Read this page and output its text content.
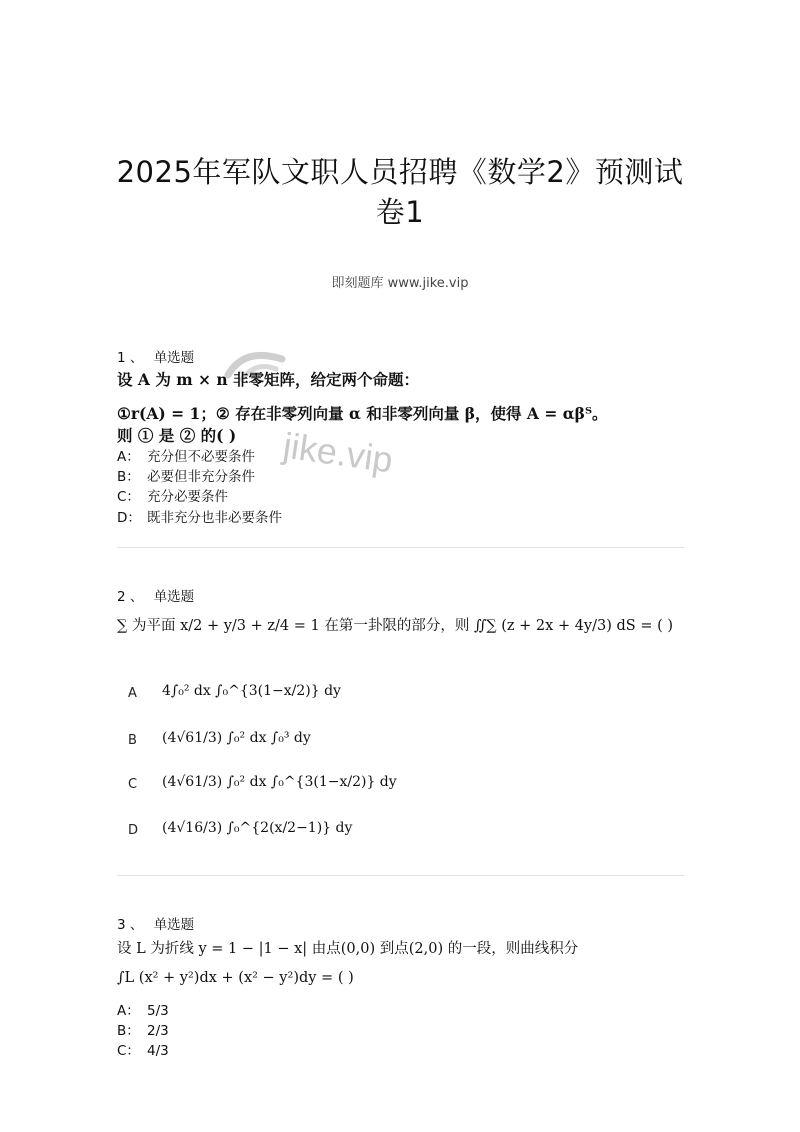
2025年军队文职人员招聘《数学2》预测试
卷1
即刻题库 www.jike.vip
jike.vip
1 、 单选题
设 A 为 m × n 非零矩阵，给定两个命题：
①r(A) = 1；② 存在非零列向量 α 和非零列向量 β，使得 A = αβᵀ。
则 ① 是 ② 的( )
A： 充分但不必要条件
B： 必要但非充分条件
C： 充分必要条件
D： 既非充分也非必要条件
2 、 单选题
∑ 为平面 x/2 + y/3 + z/4 = 1 在第一卦限的部分，则 ∬∑ (z + 2x + 4y/3) dS = ( )
A 4∫₀² dx ∫₀^{3(1−x/2)} dy
B (4√61/3) ∫₀² dx ∫₀³ dy
C (4√61/3) ∫₀² dx ∫₀^{3(1−x/2)} dy
D (4√16/3) ∫₀^{2(x/2−1)} dy
3 、 单选题
设 L 为折线 y = 1 − |1 − x| 由点(0,0) 到点(2,0) 的一段，则曲线积分
∫L (x² + y²)dx + (x² − y²)dy = ( )
A： 5/3
B： 2/3
C： 4/3
